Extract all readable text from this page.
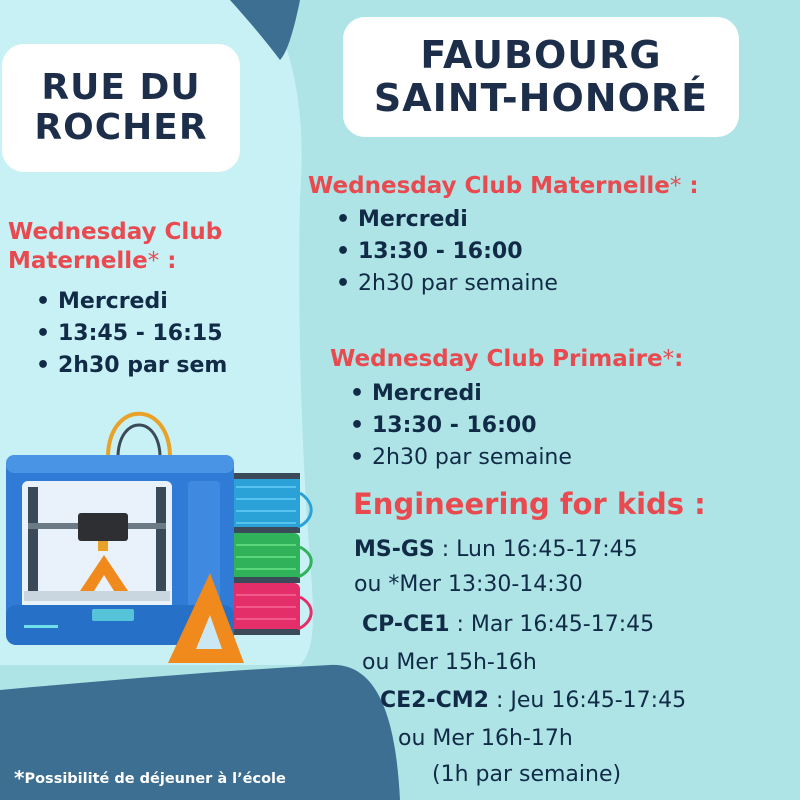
RUE DU
ROCHER
FAUBOURG
SAINT-HONORÉ
Wednesday Club
Maternelle* :
• Mercredi
• 13:45 - 16:15
• 2h30 par sem
Wednesday Club Maternelle* :
• Mercredi
• 13:30 - 16:00
• 2h30 par semaine
Wednesday Club Primaire*:
• Mercredi
• 13:30 - 16:00
• 2h30 par semaine
Engineering for kids :
MS-GS : Lun 16:45-17:45
ou *Mer 13:30-14:30
CP-CE1 : Mar 16:45-17:45
ou Mer 15h-16h
CE2-CM2 : Jeu 16:45-17:45
ou Mer 16h-17h
(1h par semaine)
*Possibilité de déjeuner à l’école
